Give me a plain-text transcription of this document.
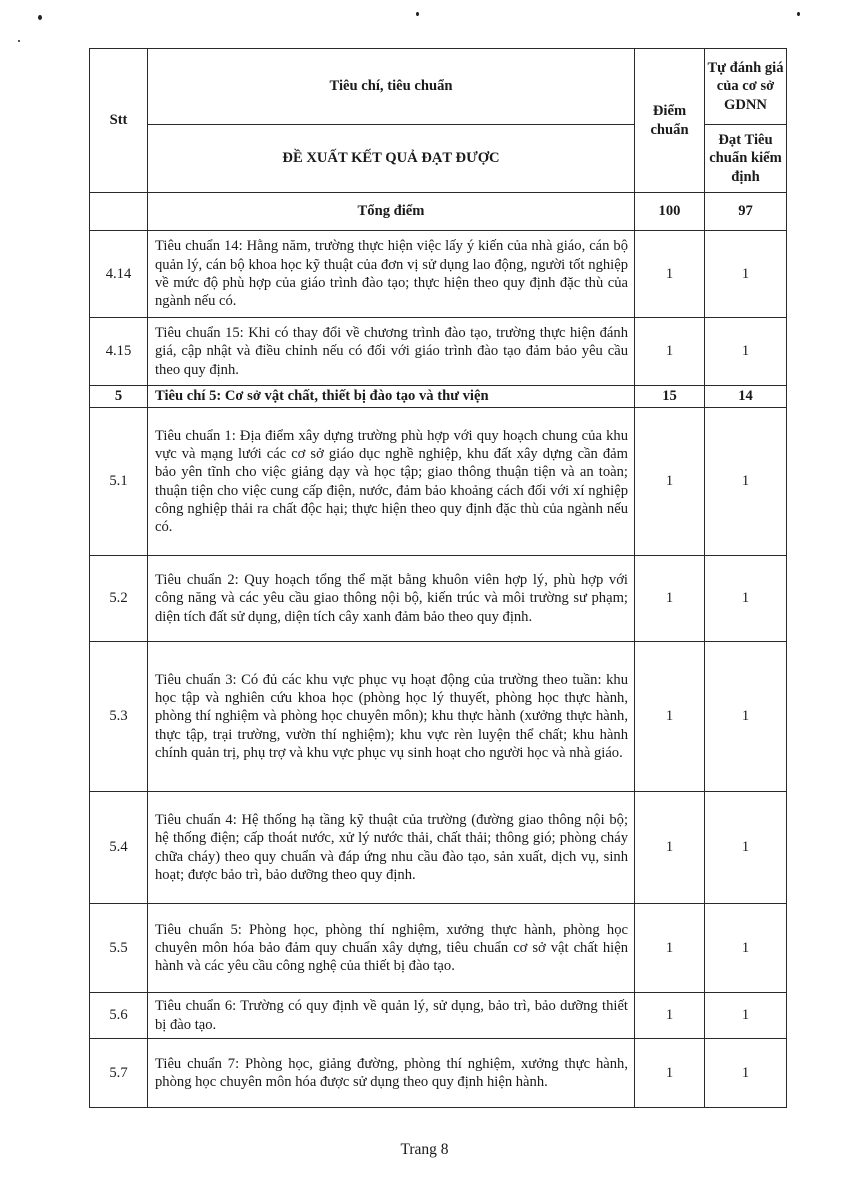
Stt	Tiêu chí, tiêu chuẩn	Điểm chuẩn	Tự đánh giá của cơ sở GDNN
	ĐỀ XUẤT KẾT QUẢ ĐẠT ĐƯỢC		Đạt Tiêu chuẩn kiểm định
	Tổng điểm	100	97
4.14	Tiêu chuẩn 14: Hằng năm, trường thực hiện việc lấy ý kiến của nhà giáo, cán bộ quản lý, cán bộ khoa học kỹ thuật của đơn vị sử dụng lao động, người tốt nghiệp về mức độ phù hợp của giáo trình đào tạo; thực hiện theo quy định đặc thù của ngành nếu có.	1	1
4.15	Tiêu chuẩn 15: Khi có thay đổi về chương trình đào tạo, trường thực hiện đánh giá, cập nhật và điều chỉnh nếu có đối với giáo trình đào tạo đảm bảo yêu cầu theo quy định.	1	1
5	Tiêu chí 5: Cơ sở vật chất, thiết bị đào tạo và thư viện	15	14
5.1	Tiêu chuẩn 1: Địa điểm xây dựng trường phù hợp với quy hoạch chung của khu vực và mạng lưới các cơ sở giáo dục nghề nghiệp, khu đất xây dựng cần đảm bảo yên tĩnh cho việc giảng dạy và học tập; giao thông thuận tiện và an toàn; thuận tiện cho việc cung cấp điện, nước, đảm bảo khoảng cách đối với xí nghiệp công nghiệp thải ra chất độc hại; thực hiện theo quy định đặc thù của ngành nếu có.	1	1
5.2	Tiêu chuẩn 2: Quy hoạch tổng thể mặt bằng khuôn viên hợp lý, phù hợp với công năng và các yêu cầu giao thông nội bộ, kiến trúc và môi trường sư phạm; diện tích đất sử dụng, diện tích cây xanh đảm bảo theo quy định.	1	1
5.3	Tiêu chuẩn 3: Có đủ các khu vực phục vụ hoạt động của trường theo tuần: khu học tập và nghiên cứu khoa học (phòng học lý thuyết, phòng học thực hành, phòng thí nghiệm và phòng học chuyên môn); khu thực hành (xưởng thực hành, thực tập, trại trường, vườn thí nghiệm); khu vực rèn luyện thể chất; khu hành chính quản trị, phụ trợ và khu vực phục vụ sinh hoạt cho người học và nhà giáo.	1	1
5.4	Tiêu chuẩn 4: Hệ thống hạ tầng kỹ thuật của trường (đường giao thông nội bộ; hệ thống điện; cấp thoát nước, xử lý nước thải, chất thải; thông gió; phòng cháy chữa cháy) theo quy chuẩn và đáp ứng nhu cầu đào tạo, sản xuất, dịch vụ, sinh hoạt; được bảo trì, bảo dưỡng theo quy định.	1	1
5.5	Tiêu chuẩn 5: Phòng học, phòng thí nghiệm, xưởng thực hành, phòng học chuyên môn hóa bảo đảm quy chuẩn xây dựng, tiêu chuẩn cơ sở vật chất hiện hành và các yêu cầu công nghệ của thiết bị đào tạo.	1	1
5.6	Tiêu chuẩn 6: Trường có quy định về quản lý, sử dụng, bảo trì, bảo dưỡng thiết bị đào tạo.	1	1
5.7	Tiêu chuẩn 7: Phòng học, giảng đường, phòng thí nghiệm, xưởng thực hành, phòng học chuyên môn hóa được sử dụng theo quy định hiện hành.	1	1
Trang 8
